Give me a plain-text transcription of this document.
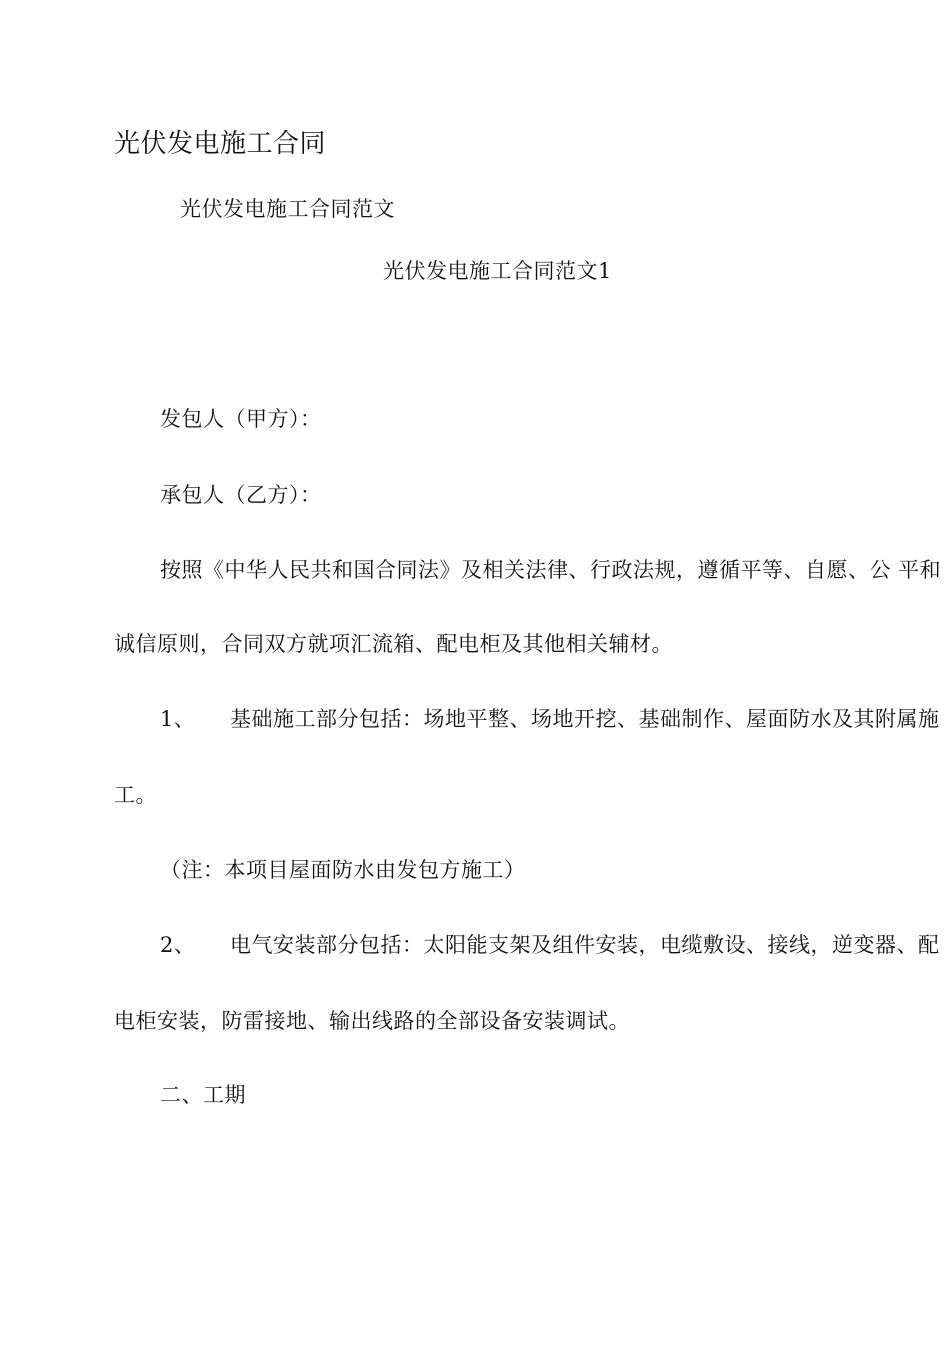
光伏发电施工合同
光伏发电施工合同范文
光伏发电施工合同范文1
发包人（甲方）：
承包人（乙方）：
按照《中华人民共和国合同法》及相关法律、行政法规，遵循平等、自愿、公 平和
诚信原则，合同双方就项汇流箱、配电柜及其他相关辅材。
1、	基础施工部分包括：场地平整、场地开挖、基础制作、屋面防水及其附属施
工。
（注：本项目屋面防水由发包方施工）
2、	电气安装部分包括：太阳能支架及组件安装，电缆敷设、接线，逆变器、配
电柜安装，防雷接地、输出线路的全部设备安装调试。
二、工期
